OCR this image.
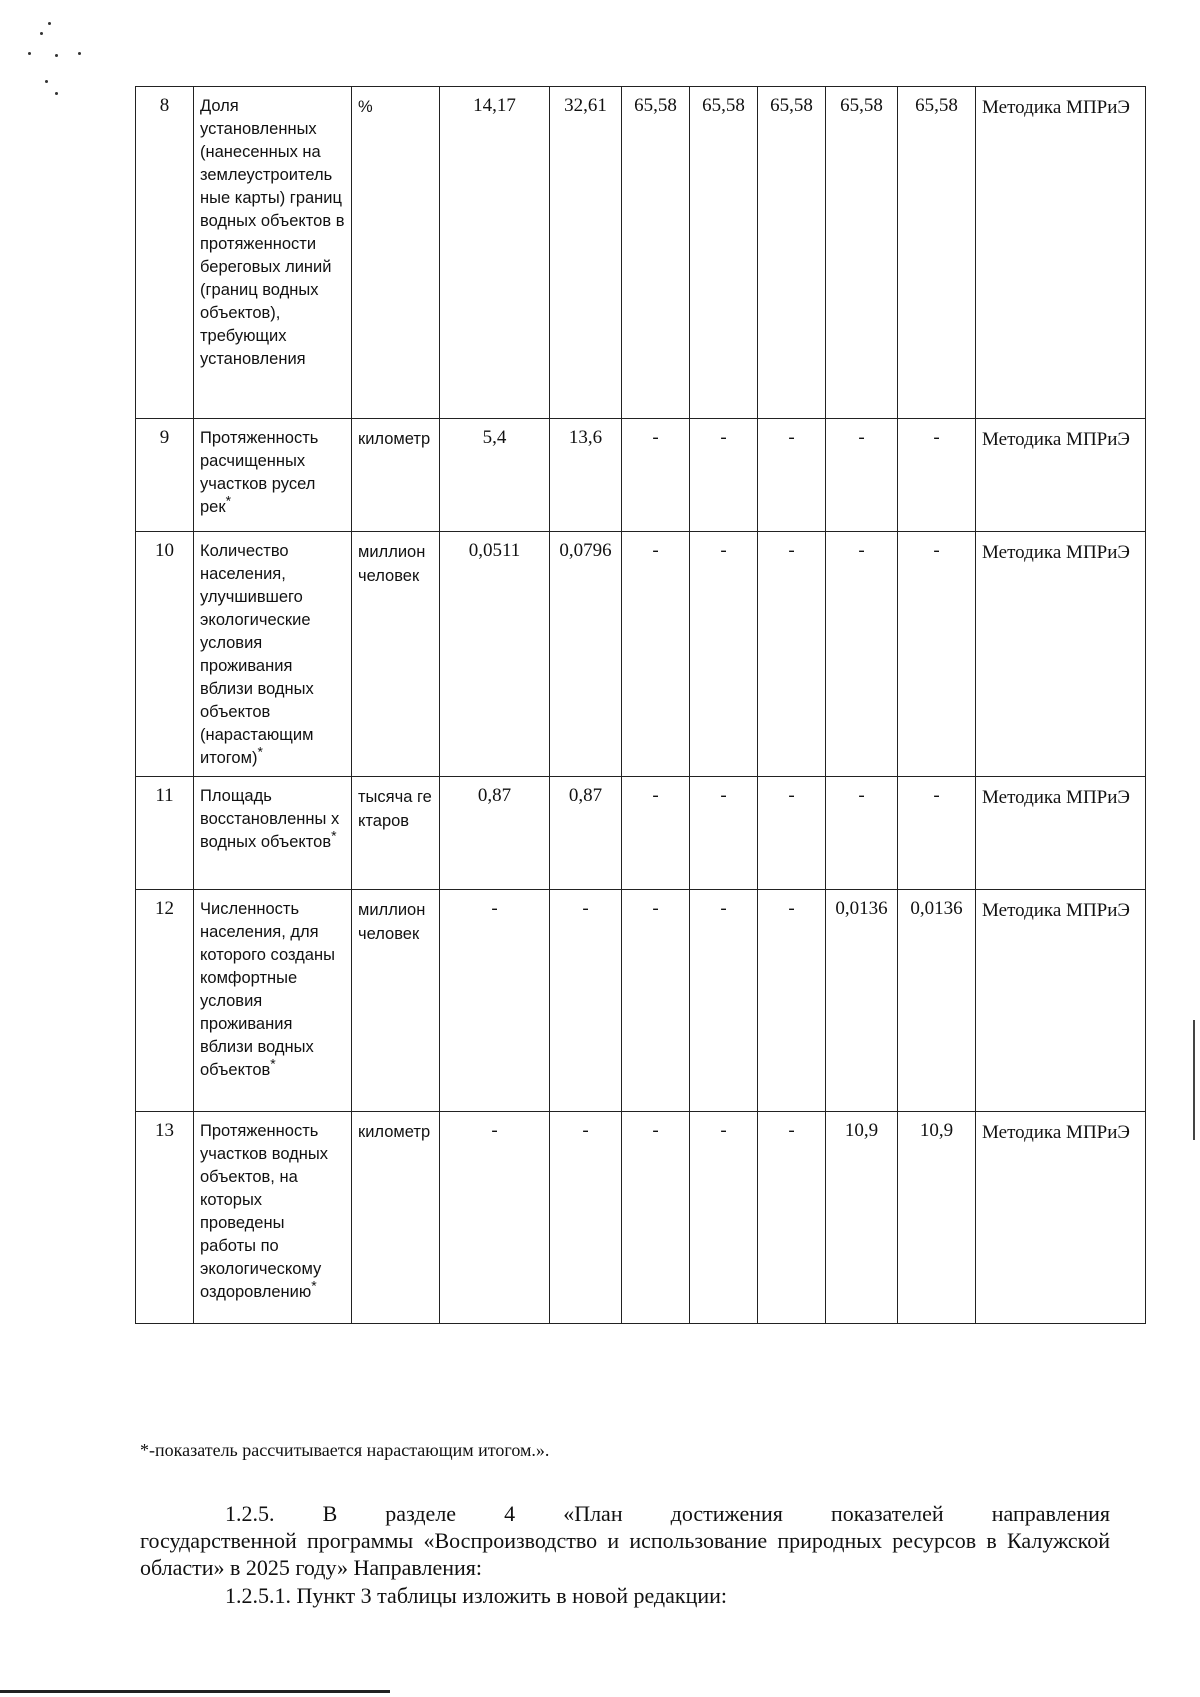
8	Доля установленных (нанесенных на землеустроитель ные карты) границ водных объектов в протяженности береговых линий (границ водных объектов), требующих установления	%	14,17	32,61	65,58	65,58	65,58	65,58	65,58	Методика МПРиЭ
9	Протяженность расчищенных участков русел рек*	километр	5,4	13,6	-	-	-	-	-	Методика МПРиЭ
10	Количество населения, улучшившего экологические условия проживания вблизи водных объектов (нарастающим итогом)*	миллион человек	0,0511	0,0796	-	-	-	-	-	Методика МПРиЭ
11	Площадь восстановленны х водных объектов*	тысяча гектаров	0,87	0,87	-	-	-	-	-	Методика МПРиЭ
12	Численность населения, для которого созданы комфортные условия проживания вблизи водных объектов*	миллион человек	-	-	-	-	-	0,0136	0,0136	Методика МПРиЭ
13	Протяженность участков водных объектов, на которых проведены работы по экологическому оздоровлению*	километр	-	-	-	-	-	10,9	10,9	Методика МПРиЭ
*-показатель рассчитывается нарастающим итогом.».
1.2.5. В разделе 4 «План достижения показателей направления
государственной программы «Воспроизводство и использование природных ресурсов в Калужской области» в 2025 году» Направления:
1.2.5.1. Пункт 3 таблицы изложить в новой редакции:
